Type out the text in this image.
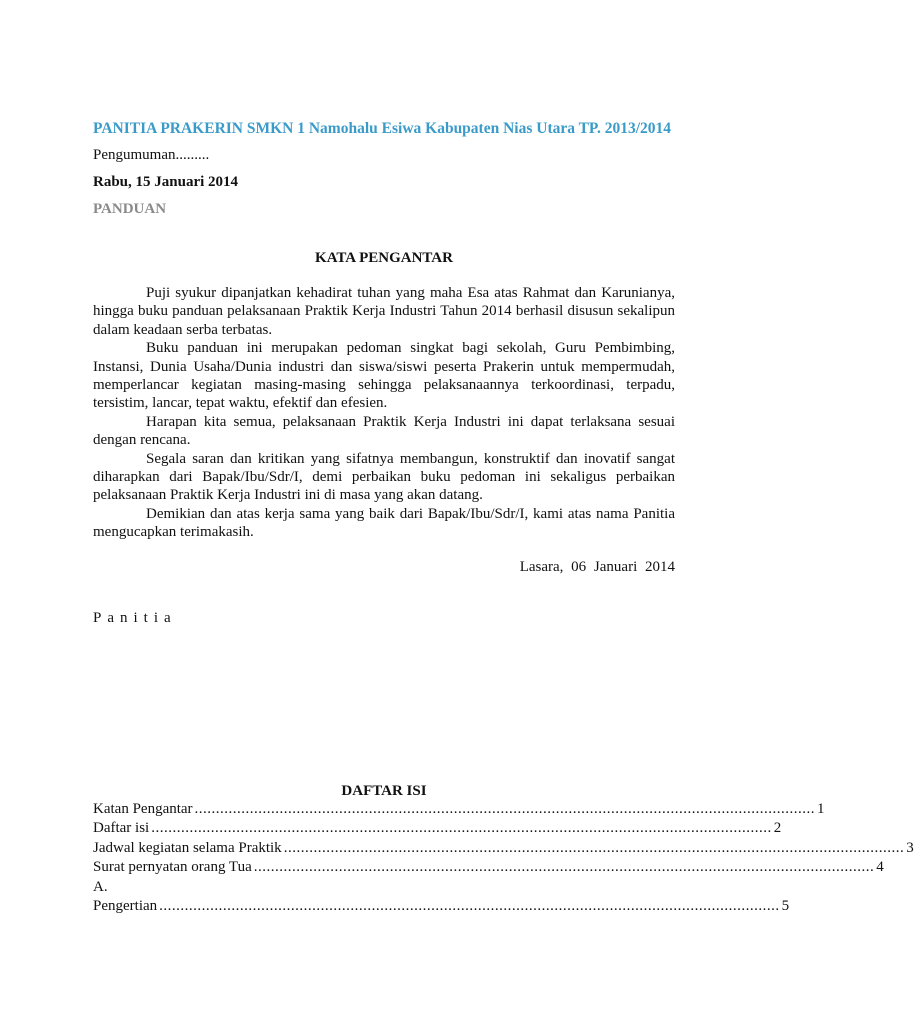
PANITIA PRAKERIN SMKN 1 Namohalu Esiwa Kabupaten Nias Utara TP. 2013/2014
Pengumuman.........
Rabu, 15 Januari 2014
PANDUAN
KATA PENGANTAR

Puji syukur dipanjatkan kehadirat tuhan yang maha Esa atas Rahmat dan Karunianya, hingga buku panduan pelaksanaan Praktik Kerja Industri Tahun 2014 berhasil disusun sekalipun dalam keadaan serba terbatas.

Buku panduan ini merupakan pedoman singkat bagi sekolah, Guru Pembimbing, Instansi, Dunia Usaha/Dunia industri dan siswa/siswi peserta Prakerin untuk mempermudah, memperlancar kegiatan masing-masing sehingga pelaksanaannya terkoordinasi, terpadu, tersistim, lancar, tepat waktu, efektif dan efesien.

Harapan kita semua, pelaksanaan Praktik Kerja Industri ini dapat terlaksana sesuai dengan rencana.

Segala saran dan kritikan yang sifatnya membangun, konstruktif dan inovatif sangat diharapkan dari Bapak/Ibu/Sdr/I, demi perbaikan buku pedoman ini sekaligus perbaikan pelaksanaan Praktik Kerja Industri ini di masa yang akan datang.

Demikian dan atas kerja sama yang baik dari Bapak/Ibu/Sdr/I, kami atas nama Panitia mengucapkan terimakasih.

Lasara, 06 Januari 2014
Panitia
DAFTAR ISI
Katan Pengantar .................................................................................................................................................. 1
Daftar isi .................................................................................................................................................. 2
Jadwal kegiatan selama Praktik .................................................................................................................................................. 3
Surat pernyatan orang Tua .................................................................................................................................................. 4
A.
Pengertian .................................................................................................................................................. 5
